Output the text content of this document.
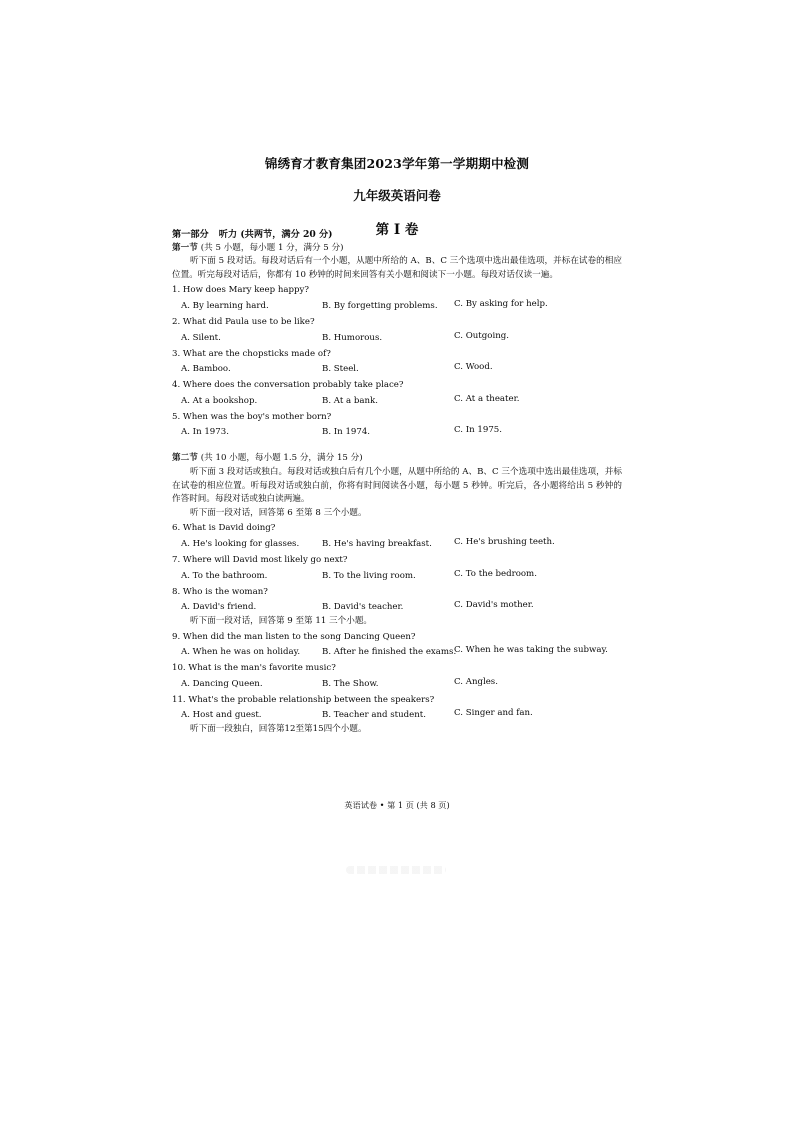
锦绣育才教育集团2023学年第一学期期中检测
九年级英语问卷
第 I 卷
第一部分 听力 (共两节，满分 20 分)
第一节 (共 5 小题，每小题 1 分，满分 5 分)
听下面 5 段对话。每段对话后有一个小题，从题中所给的 A、B、C 三个选项中选出最佳选项，并标在试卷的相应位置。听完每段对话后，你都有 10 秒钟的时间来回答有关小题和阅读下一小题。每段对话仅读一遍。
1. How does Mary keep happy?
A. By learning hard.	B. By forgetting problems. C. By asking for help.
2. What did Paula use to be like?
A. Silent.	B. Humorous.	C. Outgoing.
3. What are the chopsticks made of?
A. Bamboo.	B. Steel.	C. Wood.
4. Where does the conversation probably take place?
A. At a bookshop.	B. At a bank.	C. At a theater.
5. When was the boy's mother born?
A. In 1973.	B. In 1974.	C. In 1975.
第二节 (共 10 小题，每小题 1.5 分，满分 15 分)
听下面 3 段对话或独白。每段对话或独白后有几个小题，从题中所给的 A、B、C 三个选项中选出最佳选项，并标在试卷的相应位置。听每段对话或独白前，你将有时间阅读各小题，每小题 5 秒钟。听完后，各小题将给出 5 秒钟的作答时间。每段对话或独白读两遍。
听下面一段对话，回答第 6 至第 8 三个小题。
6. What is David doing?
A. He's looking for glasses.	B. He's having breakfast.	C. He's brushing teeth.
7. Where will David most likely go next?
A. To the bathroom.	B. To the living room.	C. To the bedroom.
8. Who is the woman?
A. David's friend.	B. David's teacher.	C. David's mother.
听下面一段对话，回答第 9 至第 11 三个小题。
9. When did the man listen to the song Dancing Queen?
A. When he was on holiday.	B. After he finished the exams.
C. When he was taking the subway.
10. What is the man's favorite music?
A. Dancing Queen.	B. The Show.	C. Angles.
11. What's the probable relationship between the speakers?
A. Host and guest.	B. Teacher and student.	C. Singer and fan.
听下面一段独白，回答第12至第15四个小题。
英语试卷 • 第 1 页 (共 8 页)
